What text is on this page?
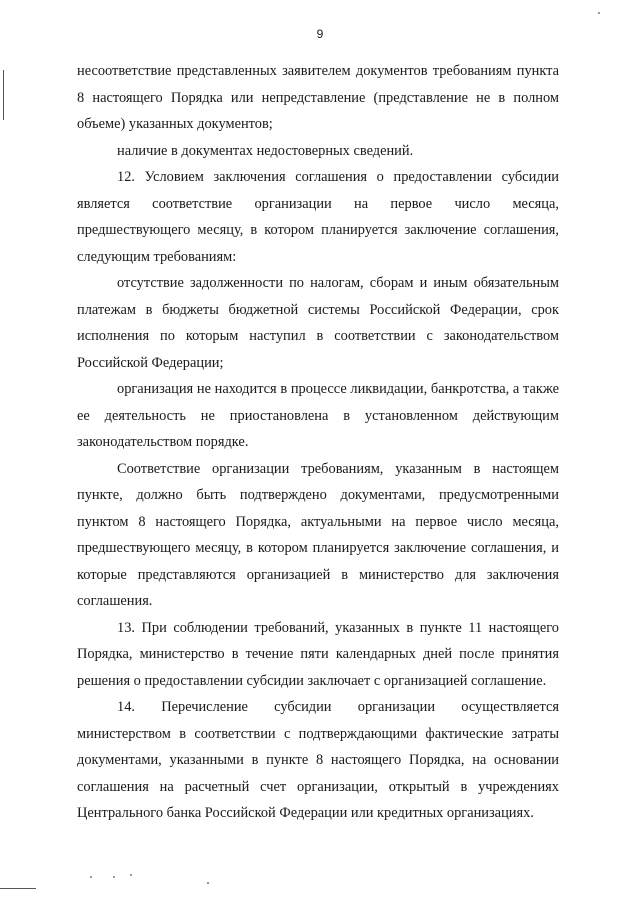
9

несоответствие представленных заявителем документов требованиям пункта 8 настоящего Порядка или непредставление (представление не в полном объеме) указанных документов;

наличие в документах недостоверных сведений.

12. Условием заключения соглашения о предоставлении субсидии является соответствие организации на первое число месяца, предшествующего месяцу, в котором планируется заключение соглашения, следующим требованиям:

отсутствие задолженности по налогам, сборам и иным обязательным платежам в бюджеты бюджетной системы Российской Федерации, срок исполнения по которым наступил в соответствии с законодательством Российской Федерации;

организация не находится в процессе ликвидации, банкротства, а также ее деятельность не приостановлена в установленном действующим законодательством порядке.

Соответствие организации требованиям, указанным в настоящем пункте, должно быть подтверждено документами, предусмотренными пунктом 8 настоящего Порядка, актуальными на первое число месяца, предшествующего месяцу, в котором планируется заключение соглашения, и которые представляются организацией в министерство для заключения соглашения.

13. При соблюдении требований, указанных в пункте 11 настоящего Порядка, министерство в течение пяти календарных дней после принятия решения о предоставлении субсидии заключает с организацией соглашение.

14. Перечисление субсидии организации осуществляется министерством в соответствии с подтверждающими фактические затраты документами, указанными в пункте 8 настоящего Порядка, на основании соглашения на расчетный счет организации, открытый в учреждениях Центрального банка Российской Федерации или кредитных организациях.
